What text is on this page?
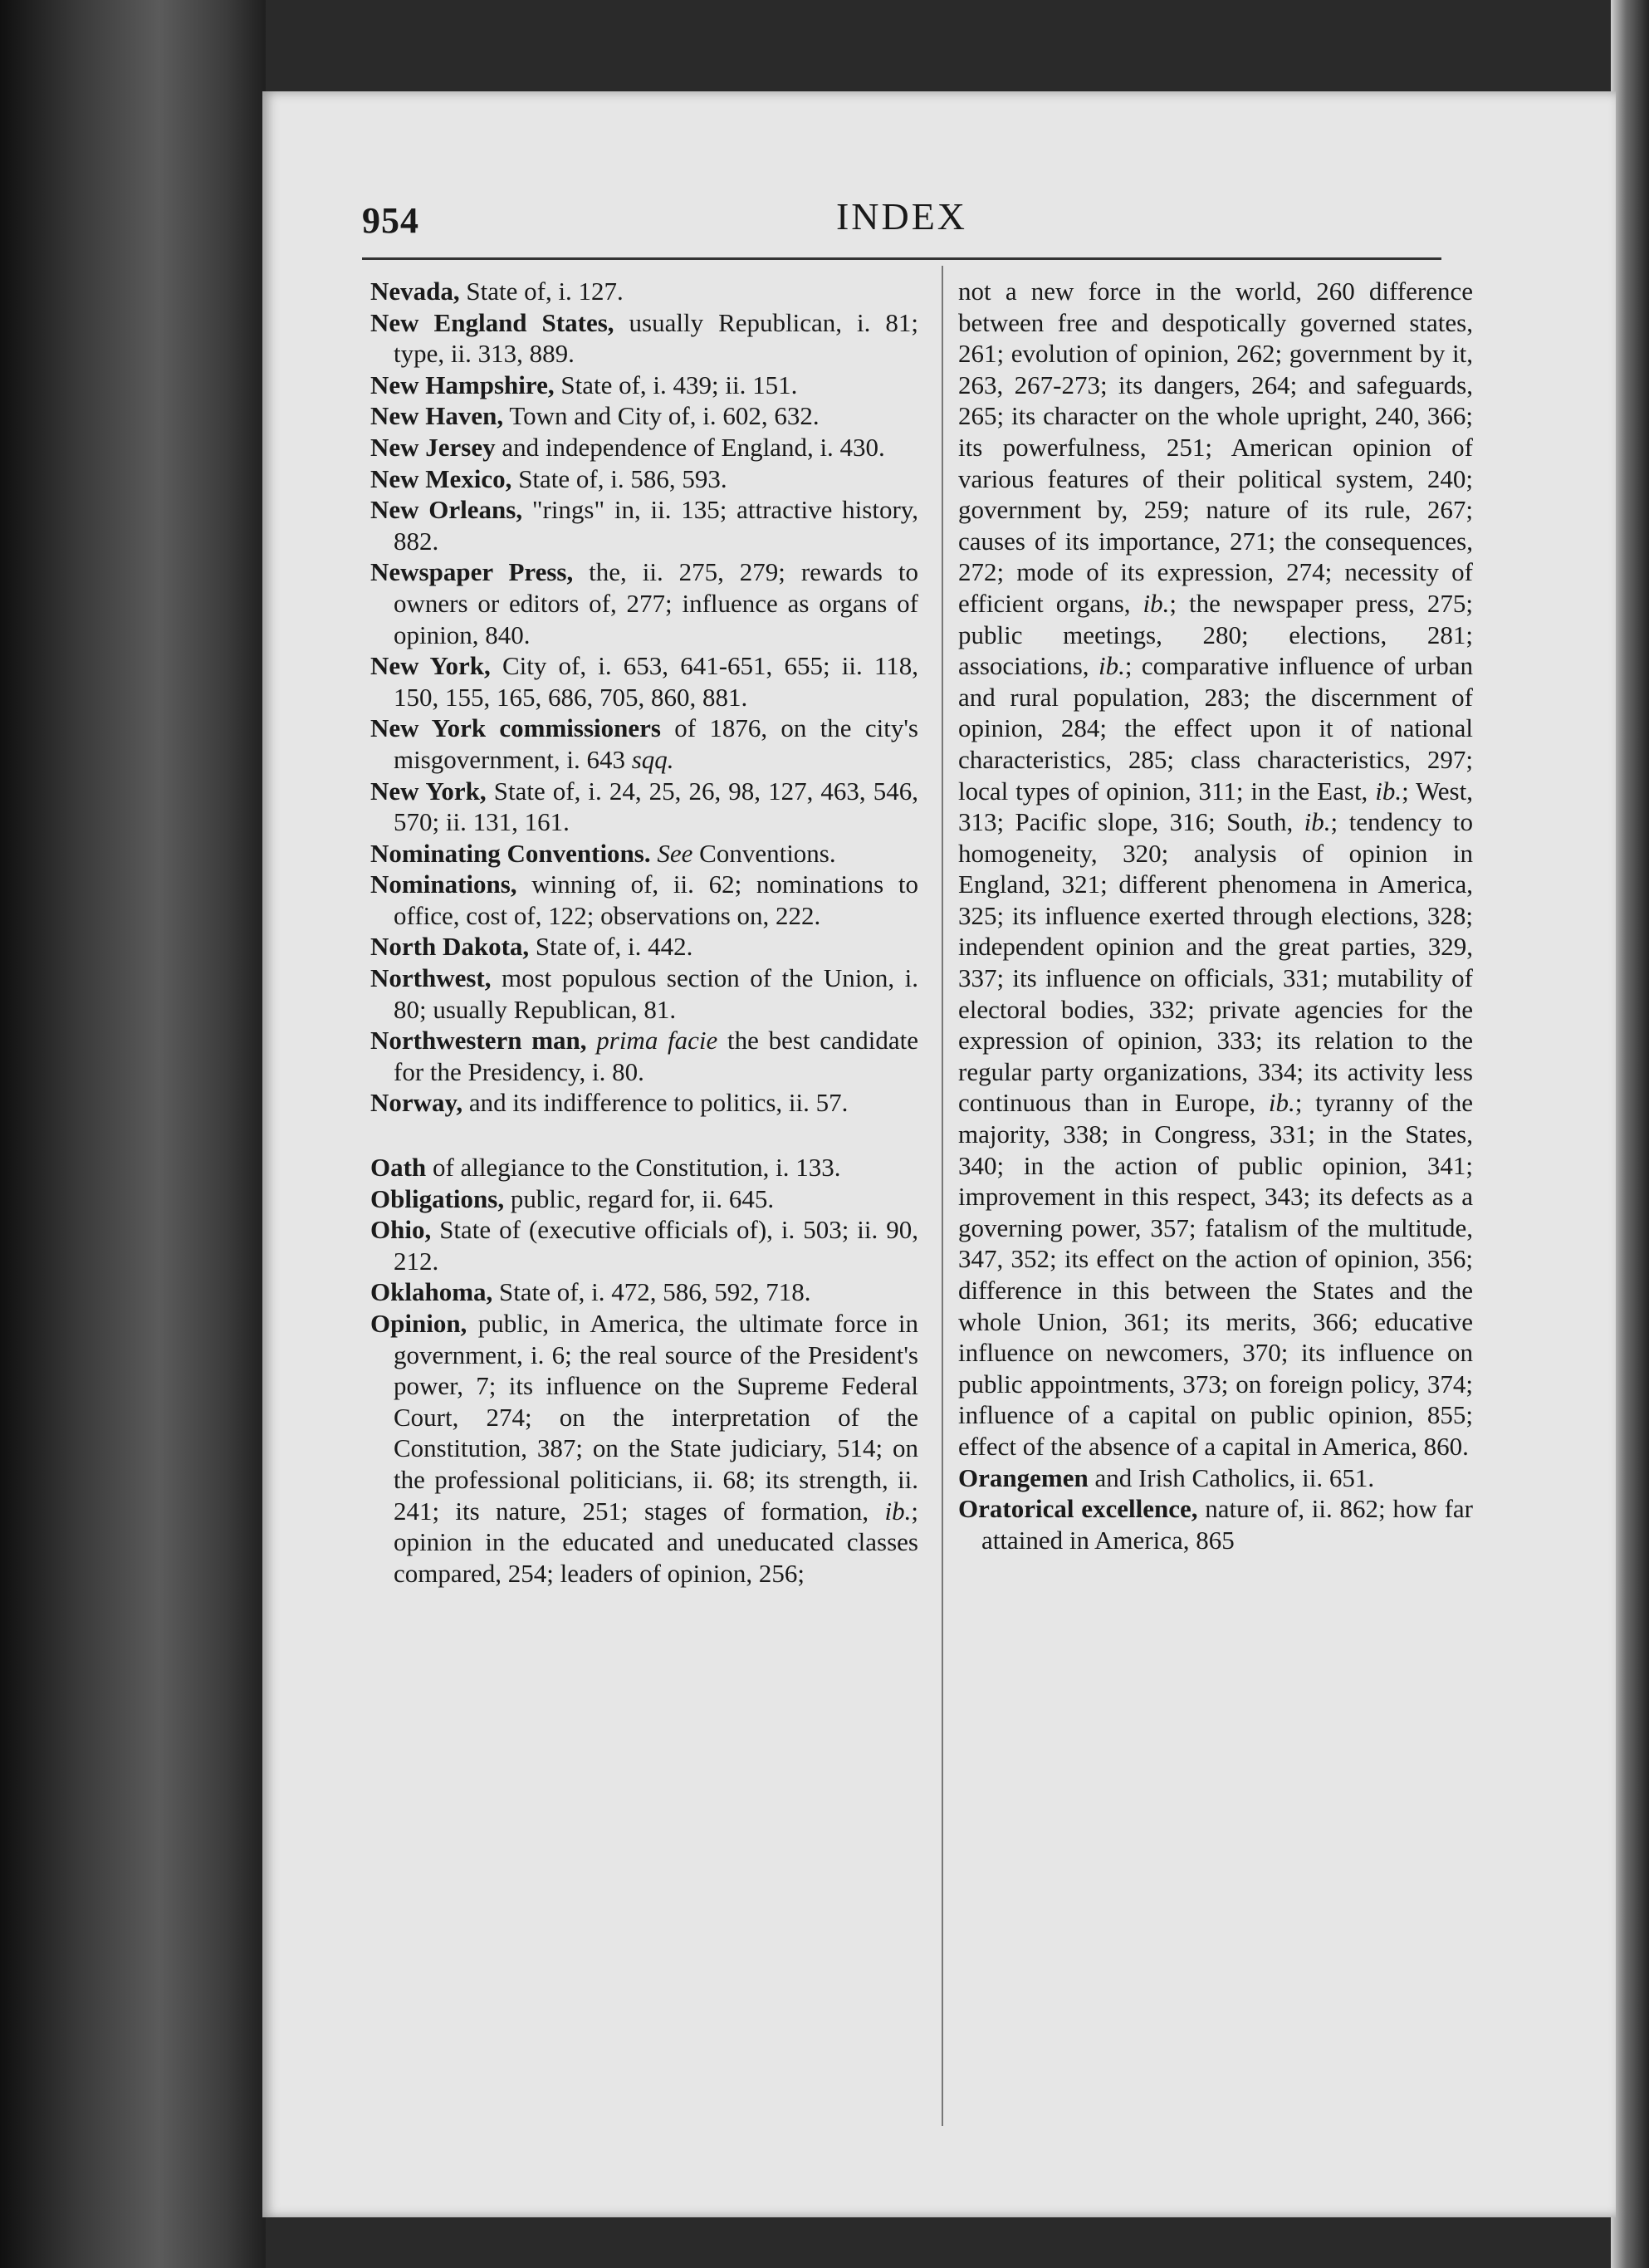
954	INDEX

Nevada, State of, i. 127.

New England States, usually Republican, i. 81; type, ii. 313, 889.

New Hampshire, State of, i. 439; ii. 151.

New Haven, Town and City of, i. 602, 632.

New Jersey and independence of England, i. 430.

New Mexico, State of, i. 586, 593.

New Orleans, "rings" in, ii. 135; attractive history, 882.

Newspaper Press, the, ii. 275, 279; rewards to owners or editors of, 277; influence as organs of opinion, 840.

New York, City of, i. 653, 641-651, 655; ii. 118, 150, 155, 165, 686, 705, 860, 881.

New York commissioners of 1876, on the city's misgovernment, i. 643 sqq.

New York, State of, i. 24, 25, 26, 98, 127, 463, 546, 570; ii. 131, 161.

Nominating Conventions. See Conventions.

Nominations, winning of, ii. 62; nominations to office, cost of, 122; observations on, 222.

North Dakota, State of, i. 442.

Northwest, most populous section of the Union, i. 80; usually Republican, 81.

Northwestern man, prima facie the best candidate for the Presidency, i. 80.

Norway, and its indifference to politics, ii. 57.

Oath of allegiance to the Constitution, i. 133.

Obligations, public, regard for, ii. 645.

Ohio, State of (executive officials of), i. 503; ii. 90, 212.

Oklahoma, State of, i. 472, 586, 592, 718.

Opinion, public, in America, the ultimate force in government, i. 6; the real source of the President's power, 7; its influence on the Supreme Federal Court, 274; on the interpretation of the Constitution, 387; on the State judiciary, 514; on the professional politicians, ii. 68; its strength, ii. 241; its nature, 251; stages of formation, ib.; opinion in the educated and uneducated classes compared, 254; leaders of opinion, 256;

not a new force in the world, 260 difference between free and despotically governed states, 261; evolution of opinion, 262; government by it, 263, 267-273; its dangers, 264; and safeguards, 265; its character on the whole upright, 240, 366; its powerfulness, 251; American opinion of various features of their political system, 240; government by, 259; nature of its rule, 267; causes of its importance, 271; the consequences, 272; mode of its expression, 274; necessity of efficient organs, ib.; the newspaper press, 275; public meetings, 280; elections, 281; associations, ib.; comparative influence of urban and rural population, 283; the discernment of opinion, 284; the effect upon it of national characteristics, 285; class characteristics, 297; local types of opinion, 311; in the East, ib.; West, 313; Pacific slope, 316; South, ib.; tendency to homogeneity, 320; analysis of opinion in England, 321; different phenomena in America, 325; its influence exerted through elections, 328; independent opinion and the great parties, 329, 337; its influence on officials, 331; mutability of electoral bodies, 332; private agencies for the expression of opinion, 333; its relation to the regular party organizations, 334; its activity less continuous than in Europe, ib.; tyranny of the majority, 338; in Congress, 331; in the States, 340; in the action of public opinion, 341; improvement in this respect, 343; its defects as a governing power, 357; fatalism of the multitude, 347, 352; its effect on the action of opinion, 356; difference in this between the States and the whole Union, 361; its merits, 366; educative influence on newcomers, 370; its influence on public appointments, 373; on foreign policy, 374; influence of a capital on public opinion, 855; effect of the absence of a capital in America, 860.

Orangemen and Irish Catholics, ii. 651.

Oratorical excellence, nature of, ii. 862; how far attained in America, 865
